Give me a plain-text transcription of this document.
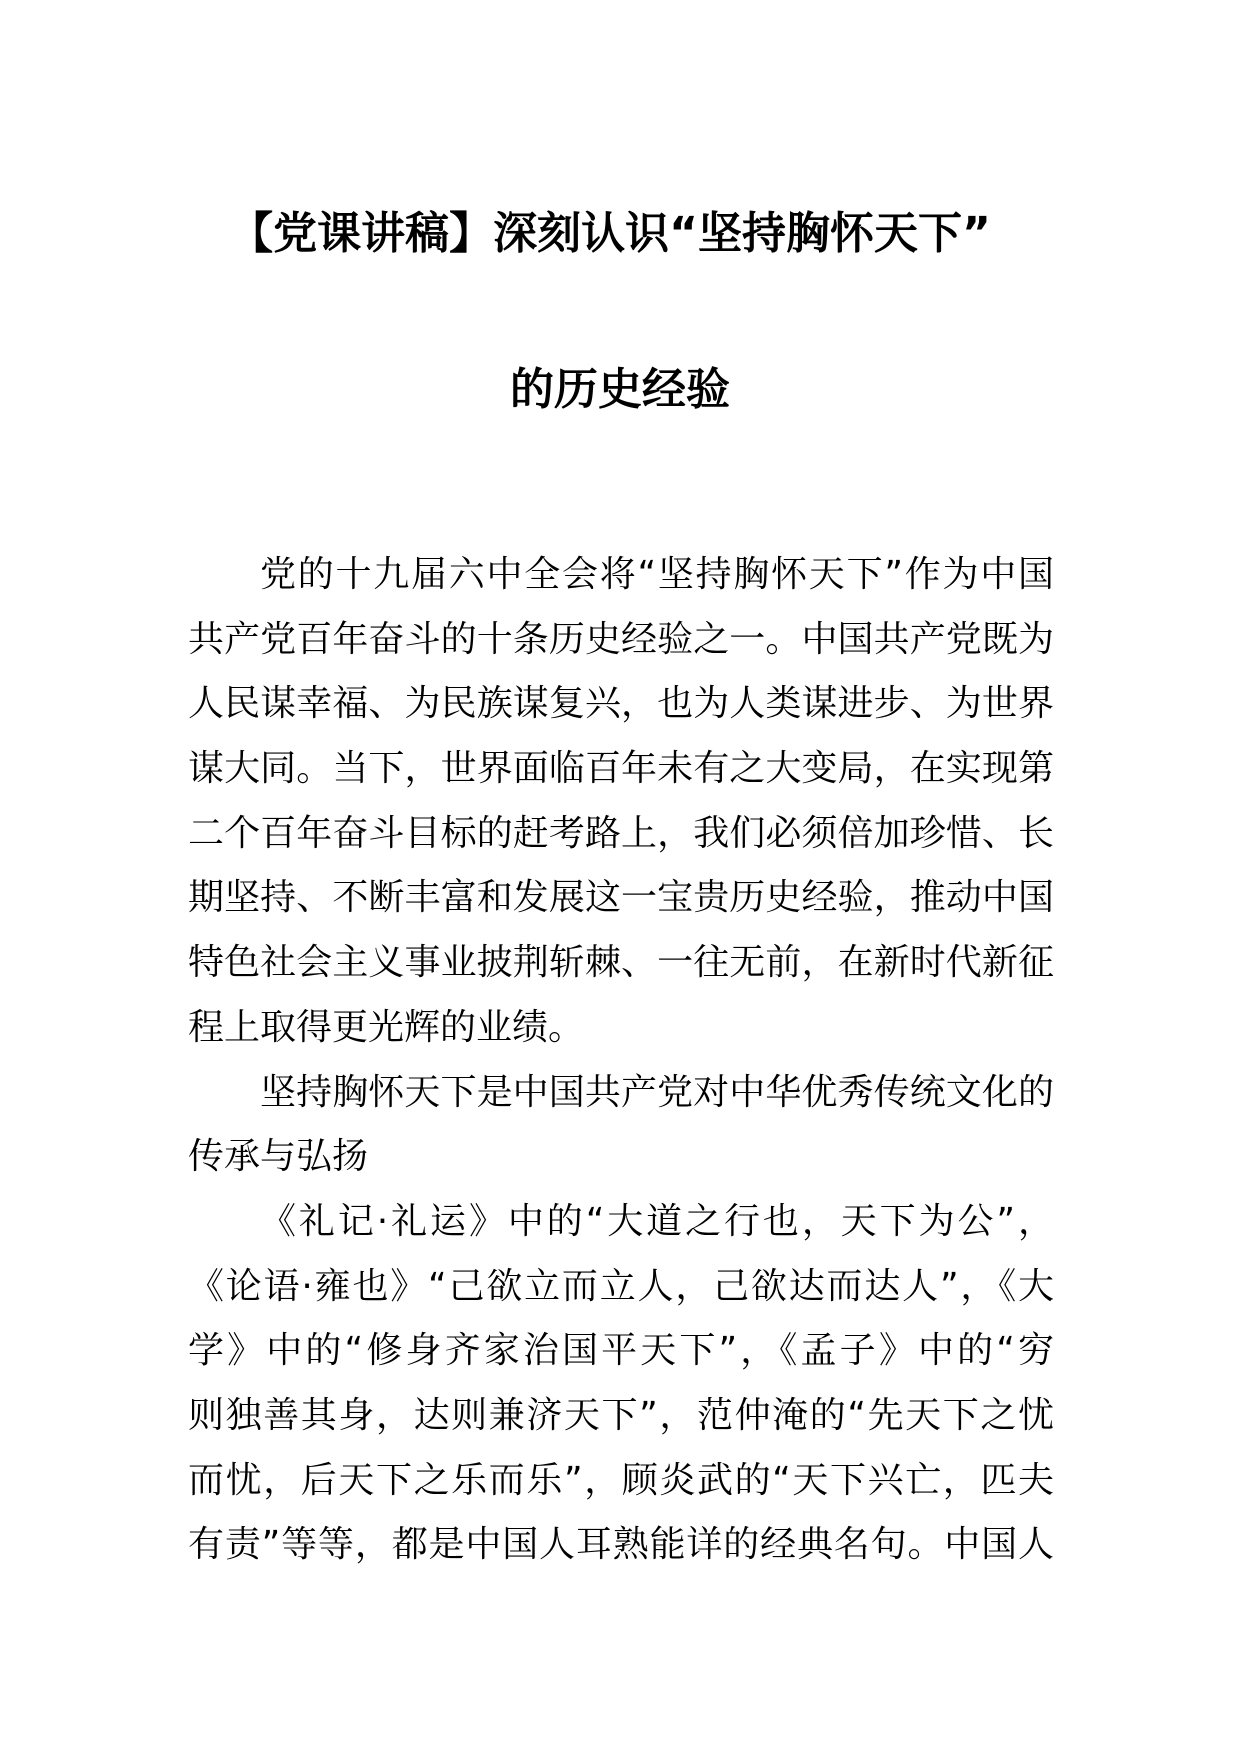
【党课讲稿】深刻认识“坚持胸怀天下”
的历史经验
党的十九届六中全会将“坚持胸怀天下”作为中国
共产党百年奋斗的十条历史经验之一。中国共产党既为
人民谋幸福、为民族谋复兴，也为人类谋进步、为世界
谋大同。当下，世界面临百年未有之大变局，在实现第
二个百年奋斗目标的赶考路上，我们必须倍加珍惜、长
期坚持、不断丰富和发展这一宝贵历史经验，推动中国
特色社会主义事业披荆斩棘、一往无前，在新时代新征
程上取得更光辉的业绩。
坚持胸怀天下是中国共产党对中华优秀传统文化的
传承与弘扬
《礼记·礼运》中的“大道之行也，天下为公”，
《论语·雍也》“己欲立而立人，己欲达而达人”，《大
学》中的“修身齐家治国平天下”，《孟子》中的“穷
则独善其身，达则兼济天下”，范仲淹的“先天下之忧
而忧，后天下之乐而乐”，顾炎武的“天下兴亡，匹夫
有责”等等，都是中国人耳熟能详的经典名句。中国人
